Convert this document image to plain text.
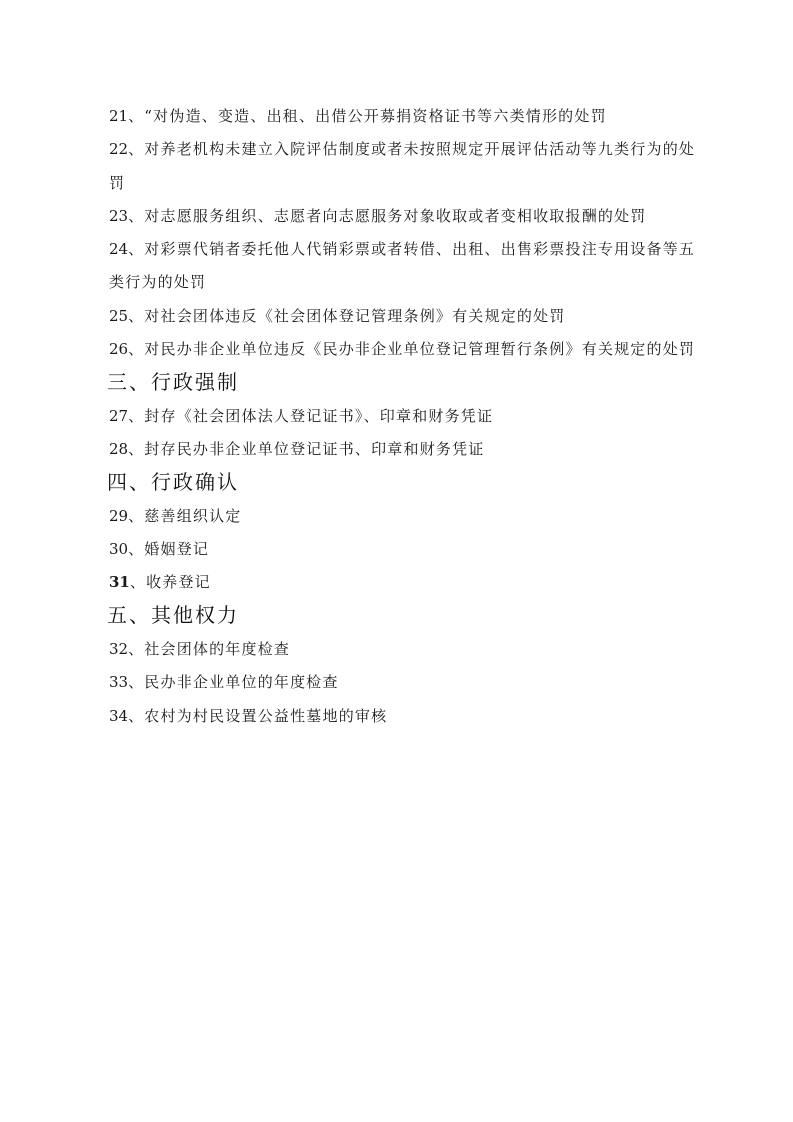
21、“对伪造、变造、出租、出借公开募捐资格证书等六类情形的处罚
22、对养老机构未建立入院评估制度或者未按照规定开展评估活动等九类行为的处
罚
23、对志愿服务组织、志愿者向志愿服务对象收取或者变相收取报酬的处罚
24、对彩票代销者委托他人代销彩票或者转借、出租、出售彩票投注专用设备等五
类行为的处罚
25、对社会团体违反《社会团体登记管理条例》有关规定的处罚
26、对民办非企业单位违反《民办非企业单位登记管理暂行条例》有关规定的处罚
三、行政强制
27、封存《社会团体法人登记证书》、印章和财务凭证
28、封存民办非企业单位登记证书、印章和财务凭证
四、行政确认
29、慈善组织认定
30、婚姻登记
31、收养登记
五、其他权力
32、社会团体的年度检查
33、民办非企业单位的年度检查
34、农村为村民设置公益性墓地的审核
